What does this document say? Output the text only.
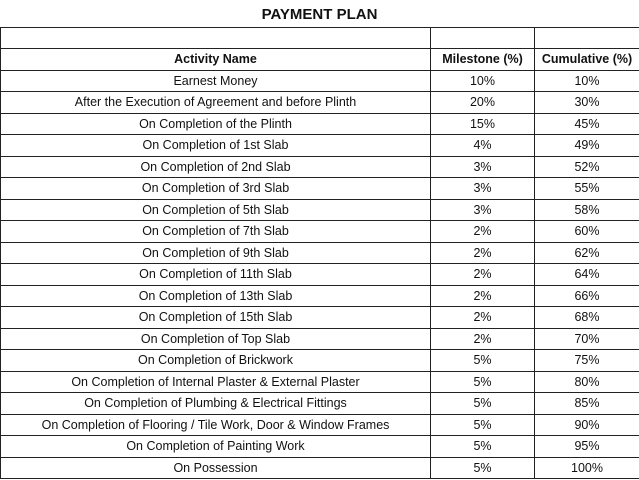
PAYMENT PLAN

Activity Name	Milestone (%)	Cumulative (%)
Earnest Money	10%	10%
After the Execution of Agreement and before Plinth	20%	30%
On Completion of the Plinth	15%	45%
On Completion of 1st Slab	4%	49%
On Completion of 2nd Slab	3%	52%
On Completion of 3rd Slab	3%	55%
On Completion of 5th Slab	3%	58%
On Completion of 7th Slab	2%	60%
On Completion of 9th Slab	2%	62%
On Completion of 11th Slab	2%	64%
On Completion of 13th Slab	2%	66%
On Completion of 15th Slab	2%	68%
On Completion of Top Slab	2%	70%
On Completion of Brickwork	5%	75%
On Completion of Internal Plaster & External Plaster	5%	80%
On Completion of Plumbing & Electrical Fittings	5%	85%
On Completion of Flooring / Tile Work, Door & Window Frames	5%	90%
On Completion of Painting Work	5%	95%
On Possession	5%	100%
